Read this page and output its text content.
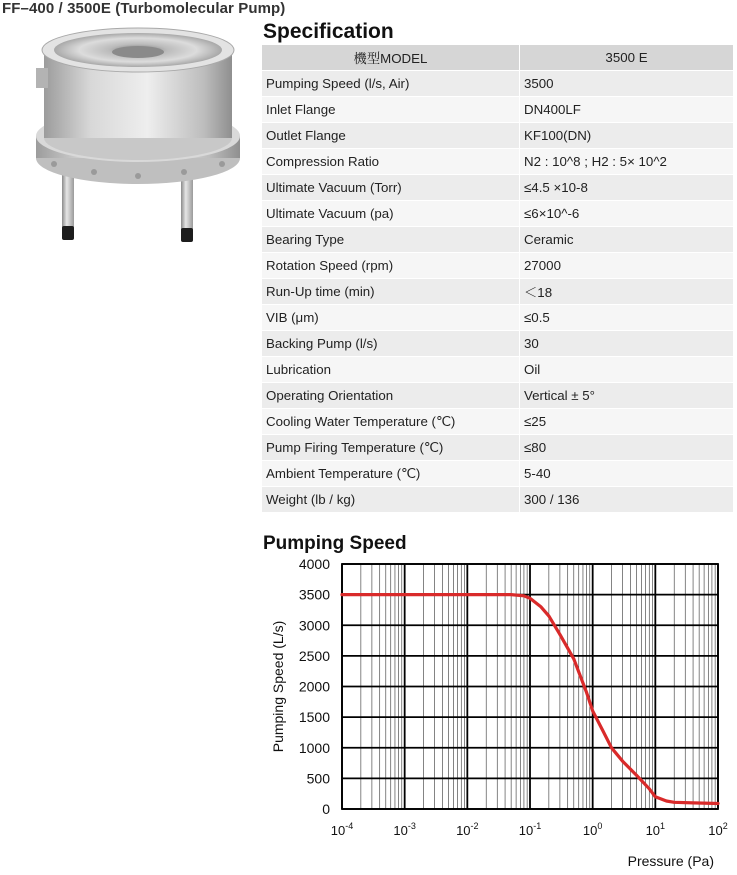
FF–400 / 3500E (Turbomolecular Pump)
Specification
機型MODEL	3500 E
Pumping Speed (l/s, Air)	3500
Inlet Flange	DN400LF
Outlet Flange	KF100(DN)
Compression Ratio	N2 : 10^8 ; H2 : 5× 10^2
Ultimate Vacuum (Torr)	≤4.5 ×10-8
Ultimate Vacuum (pa)	≤6×10^-6
Bearing Type	Ceramic
Rotation Speed (rpm)	27000
Run-Up time (min)	＜18
VIB (μm)	≤0.5
Backing Pump (l/s)	30
Lubrication	Oil
Operating Orientation	Vertical ± 5°
Cooling Water Temperature (℃)	≤25
Pump Firing Temperature (℃)	≤80
Ambient Temperature (℃)	5-40
Weight (lb / kg)	300 / 136
Pumping Speed
0
500
1000
1500
2000
2500
3000
3500
4000
$10^{-4}$	$10^{-3}$	$10^{-2}$	$10^{-1}$	$10^0$	$10^1$	$10^2$
Pressure (Pa)
Pumping Speed (L/s)
